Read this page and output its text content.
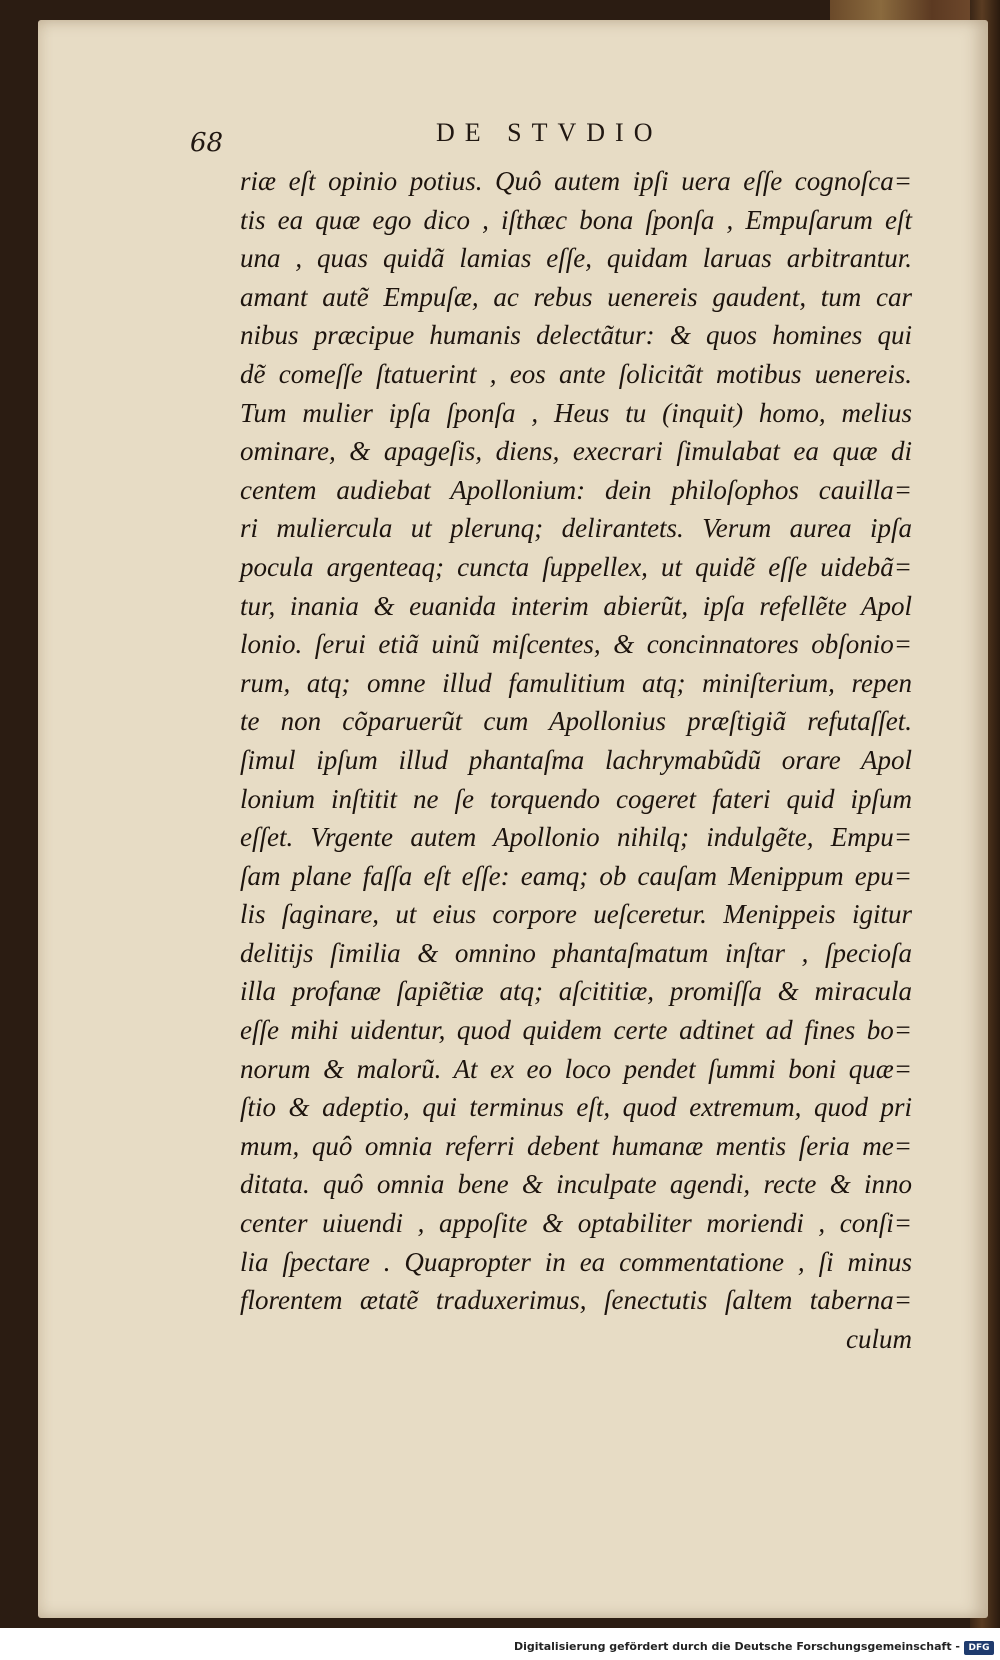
68	DE STVDIO
riæ eſt opinio potius. Quô autem ipſi uera eſſe cognoſca=
tis ea quæ ego dico , iſthæc bona ſponſa , Empuſarum eſt
una , quas quidã lamias eſſe, quidam laruas arbitrantur.
amant autẽ Empuſæ, ac rebus uenereis gaudent, tum car
nibus præcipue humanis delectãtur: & quos homines qui
dẽ comeſſe ſtatuerint , eos ante ſolicitãt motibus uenereis.
Tum mulier ipſa ſponſa , Heus tu (inquit) homo, melius
ominare, & apageſis, diens, execrari ſimulabat ea quæ di
centem audiebat Apollonium: dein philoſophos cauilla=
ri muliercula ut plerunq; delirantets. Verum aurea ipſa
pocula argenteaq; cuncta ſuppellex, ut quidẽ eſſe uidebã=
tur, inania & euanida interim abierũt, ipſa refellẽte Apol
lonio. ſerui etiã uinũ miſcentes, & concinnatores obſonio=
rum, atq; omne illud famulitium atq; miniſterium, repen
te non cõparuerũt cum Apollonius præſtigiã refutaſſet.
ſimul ipſum illud phantaſma lachrymabũdũ orare Apol
lonium inſtitit ne ſe torquendo cogeret fateri quid ipſum
eſſet. Vrgente autem Apollonio nihilq; indulgẽte, Empu=
ſam plane faſſa eſt eſſe: eamq; ob cauſam Menippum epu=
lis ſaginare, ut eius corpore ueſceretur. Menippeis igitur
delitijs ſimilia & omnino phantaſmatum inſtar , ſpecioſa
illa profanæ ſapiẽtiæ atq; aſcititiæ, promiſſa & miracula
eſſe mihi uidentur, quod quidem certe adtinet ad fines bo=
norum & malorũ. At ex eo loco pendet ſummi boni quæ=
ſtio & adeptio, qui terminus eſt, quod extremum, quod pri
mum, quô omnia referri debent humanæ mentis ſeria me=
ditata. quô omnia bene & inculpate agendi, recte & inno
center uiuendi , appoſite & optabiliter moriendi , conſi=
lia ſpectare . Quapropter in ea commentatione , ſi minus
florentem ætatẽ traduxerimus, ſenectutis ſaltem taberna=
culum
Digitalisierung gefördert durch die Deutsche Forschungsgemeinschaft - DFG
